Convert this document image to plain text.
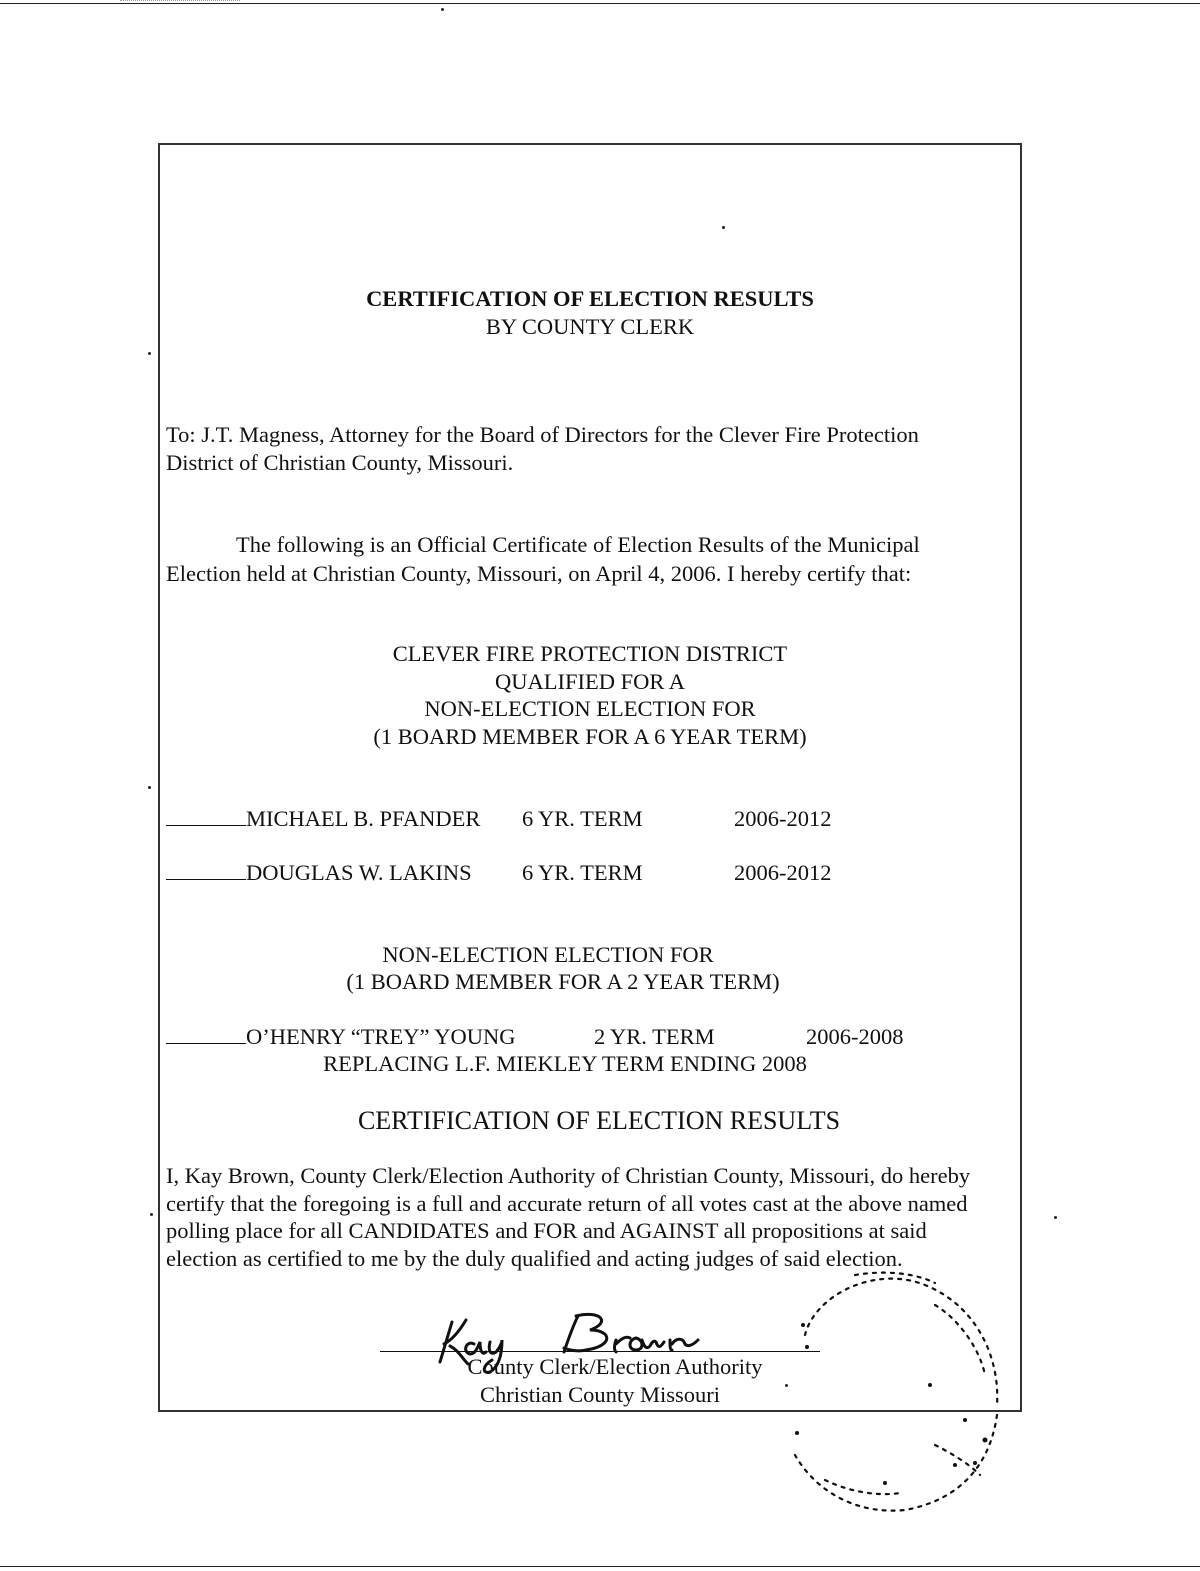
CERTIFICATION OF ELECTION RESULTS
BY COUNTY CLERK
To: J.T. Magness, Attorney for the Board of Directors for the Clever Fire Protection
District of Christian County, Missouri.
The following is an Official Certificate of Election Results of the Municipal
Election held at Christian County, Missouri, on April 4, 2006. I hereby certify that:
CLEVER FIRE PROTECTION DISTRICT
QUALIFIED FOR A
NON-ELECTION ELECTION FOR
(1 BOARD MEMBER FOR A 6 YEAR TERM)
MICHAEL B. PFANDER 6 YR. TERM	2006-2012
DOUGLAS W. LAKINS 6 YR. TERM	2006-2012
NON-ELECTION ELECTION FOR
(1 BOARD MEMBER FOR A 2 YEAR TERM)
O’HENRY “TREY” YOUNG	2 YR. TERM	2006-2008
REPLACING L.F. MIEKLEY TERM ENDING 2008
CERTIFICATION OF ELECTION RESULTS
I, Kay Brown, County Clerk/Election Authority of Christian County, Missouri, do hereby
certify that the foregoing is a full and accurate return of all votes cast at the above named
polling place for all CANDIDATES and FOR and AGAINST all propositions at said
election as certified to me by the duly qualified and acting judges of said election.
County Clerk/Election Authority
Christian County Missouri
